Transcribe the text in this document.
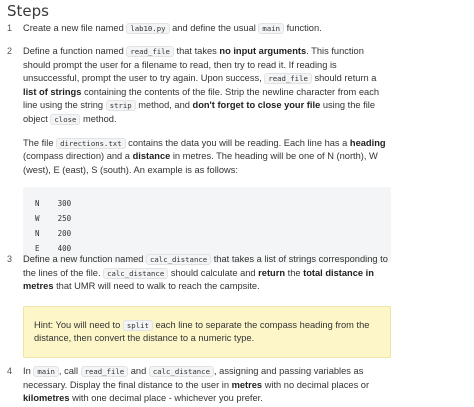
Steps
1	Create a new file named lab10.py and define the usual main function.
2	Define a function named read_file that takes no input arguments. This function should prompt the user for a filename to read, then try to read it. If reading is unsuccessful, prompt the user to try again. Upon success, read_file should return a list of strings containing the contents of the file. Strip the newline character from each line using the string strip method, and don't forget to close your file using the file object close method.

The file directions.txt contains the data you will be reading. Each line has a heading (compass direction) and a distance in metres. The heading will be one of N (north), W (west), E (east), S (south). An example is as follows:

N    300
W    250
N    200
E    400
3	Define a new function named calc_distance that takes a list of strings corresponding to the lines of the file. calc_distance should calculate and return the total distance in metres that UMR will need to walk to reach the campsite.

Hint: You will need to split each line to separate the compass heading from the distance, then convert the distance to a numeric type.
4	In main , call read_file and calc_distance , assigning and passing variables as necessary. Display the final distance to the user in metres with no decimal places or kilometres with one decimal place - whichever you prefer.
